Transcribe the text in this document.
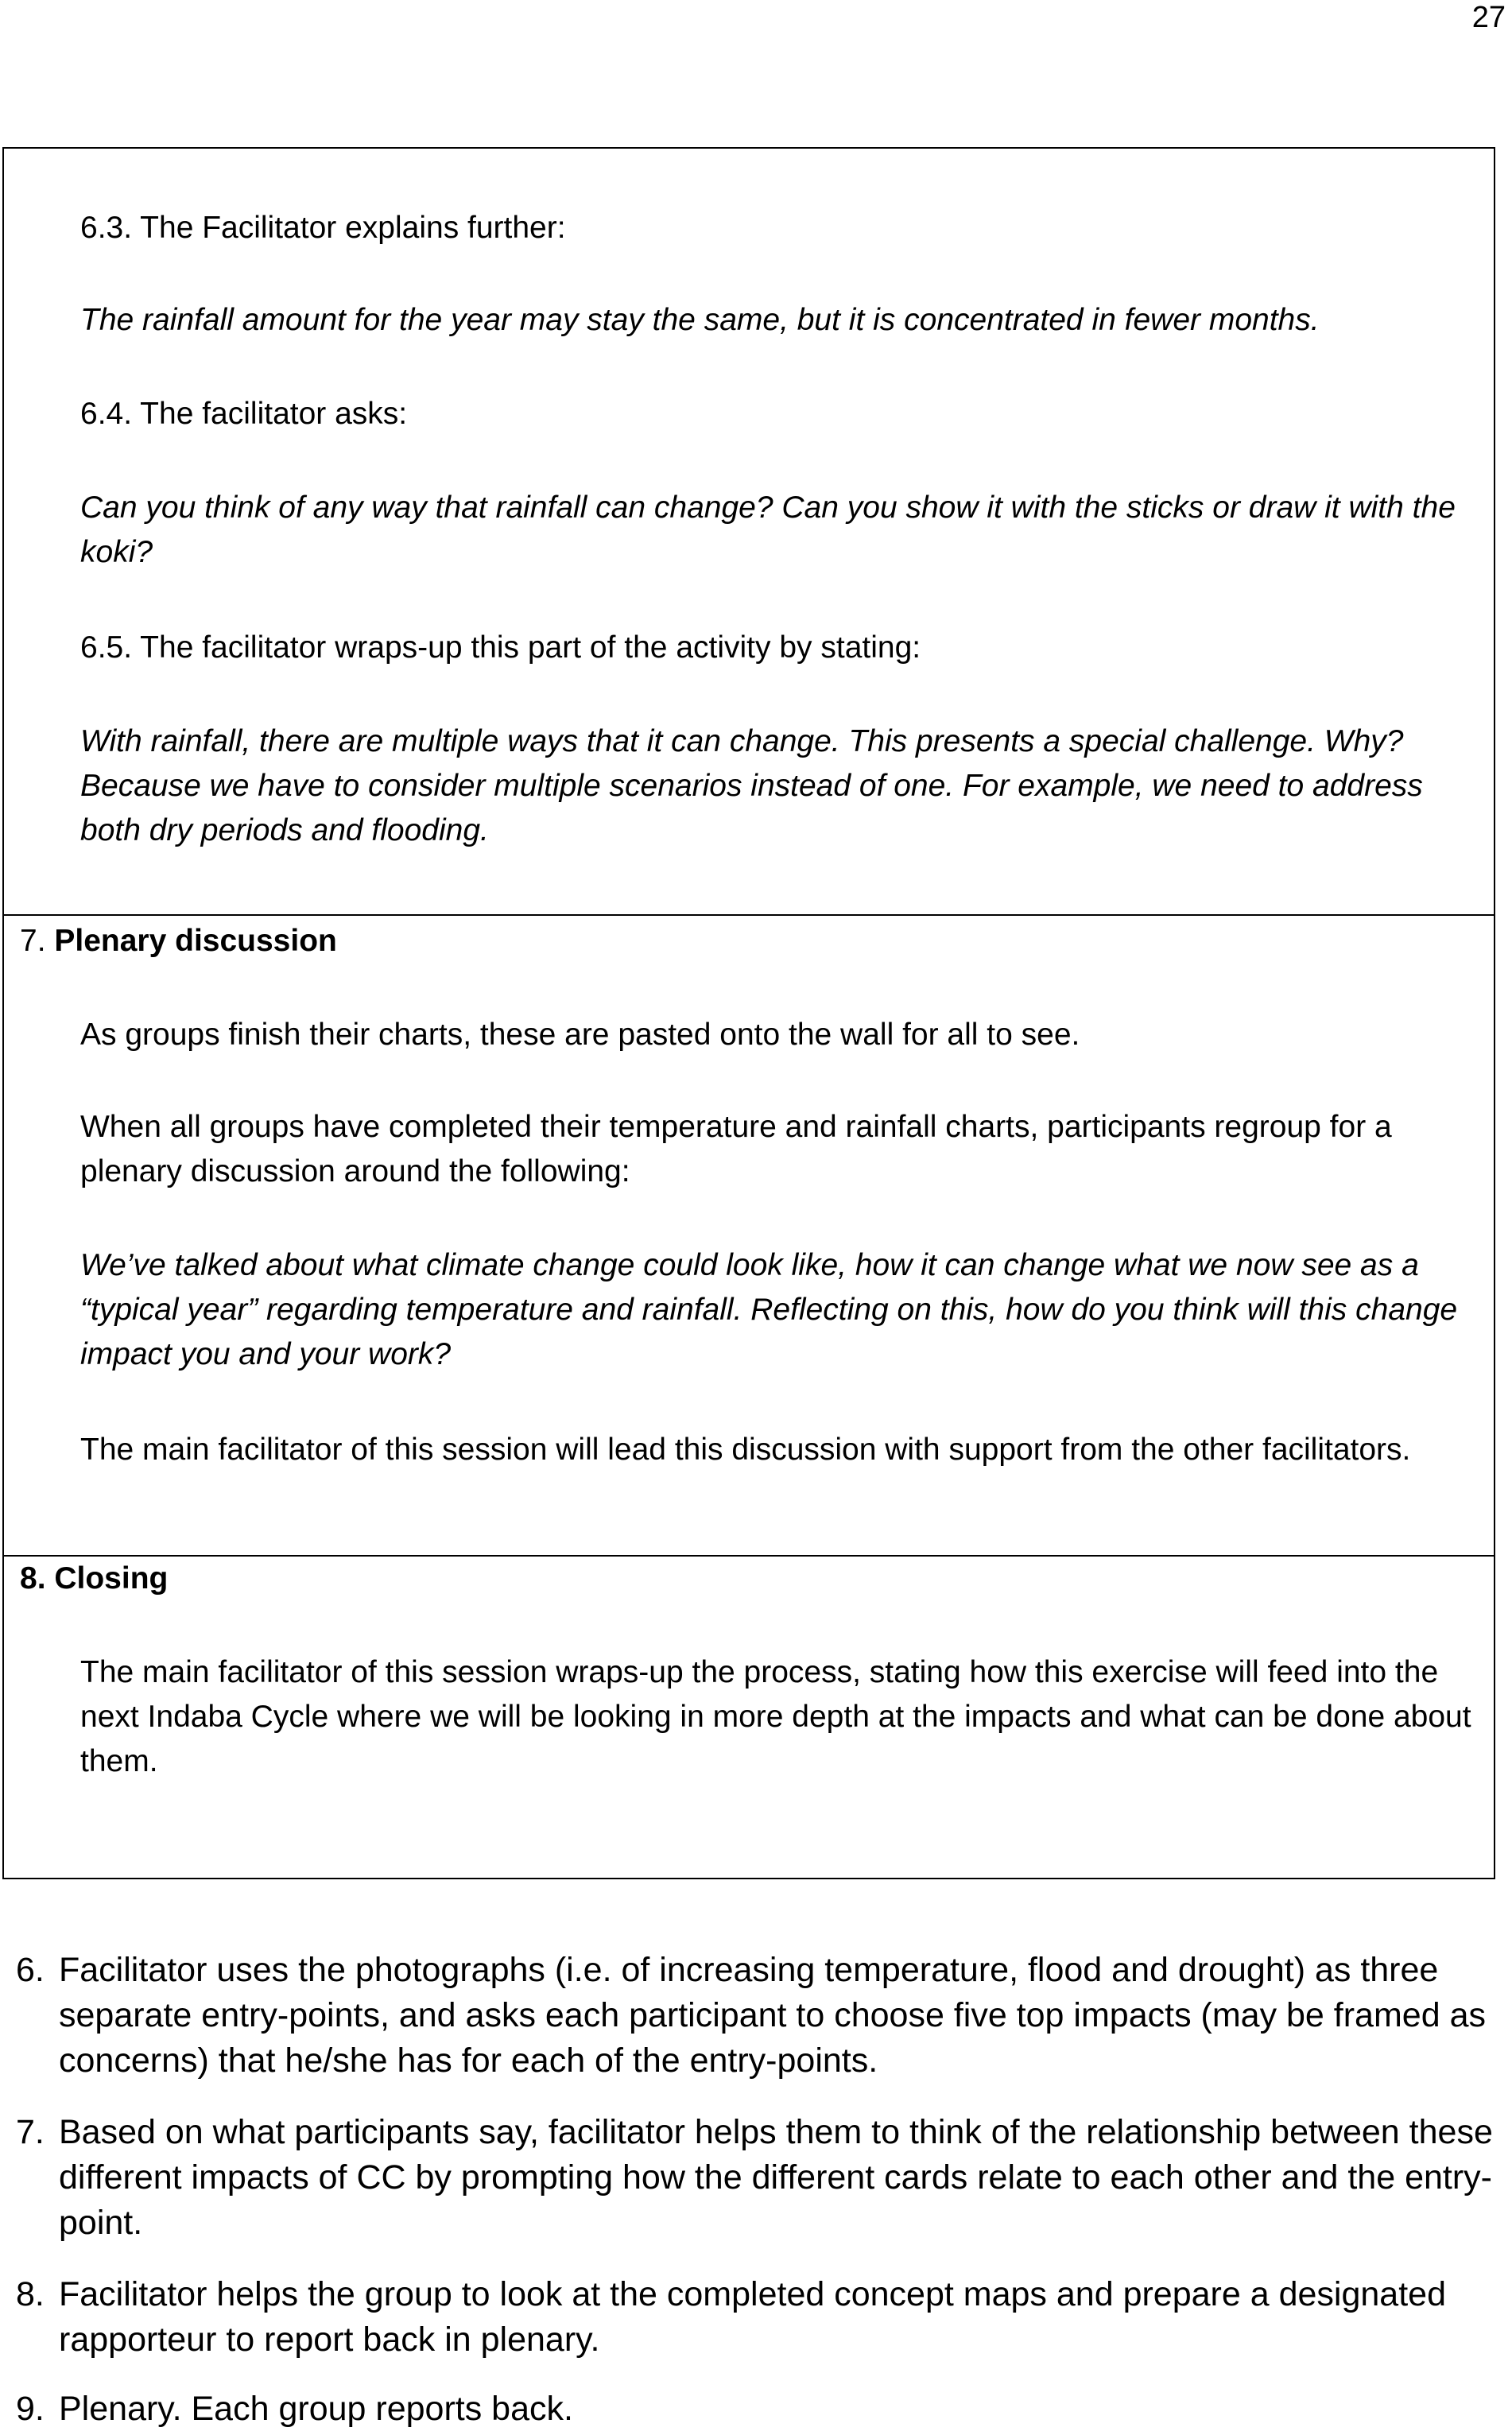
27

6.3. The Facilitator explains further:

The rainfall amount for the year may stay the same, but it is concentrated in fewer months.

6.4. The facilitator asks:

Can you think of any way that rainfall can change? Can you show it with the sticks or draw it with the koki?

6.5. The facilitator wraps-up this part of the activity by stating:

With rainfall, there are multiple ways that it can change. This presents a special challenge. Why? Because we have to consider multiple scenarios instead of one. For example, we need to address both dry periods and flooding.

7. Plenary discussion

As groups finish their charts, these are pasted onto the wall for all to see.

When all groups have completed their temperature and rainfall charts, participants regroup for a plenary discussion around the following:

We’ve talked about what climate change could look like, how it can change what we now see as a “typical year” regarding temperature and rainfall. Reflecting on this, how do you think will this change impact you and your work?

The main facilitator of this session will lead this discussion with support from the other facilitators.

8. Closing

The main facilitator of this session wraps-up the process, stating how this exercise will feed into the next Indaba Cycle where we will be looking in more depth at the impacts and what can be done about them.

6. Facilitator uses the photographs (i.e. of increasing temperature, flood and drought) as three separate entry-points, and asks each participant to choose five top impacts (may be framed as concerns) that he/she has for each of the entry-points.
7. Based on what participants say, facilitator helps them to think of the relationship between these different impacts of CC by prompting how the different cards relate to each other and the entry-point.
8. Facilitator helps the group to look at the completed concept maps and prepare a designated rapporteur to report back in plenary.
9. Plenary. Each group reports back.
